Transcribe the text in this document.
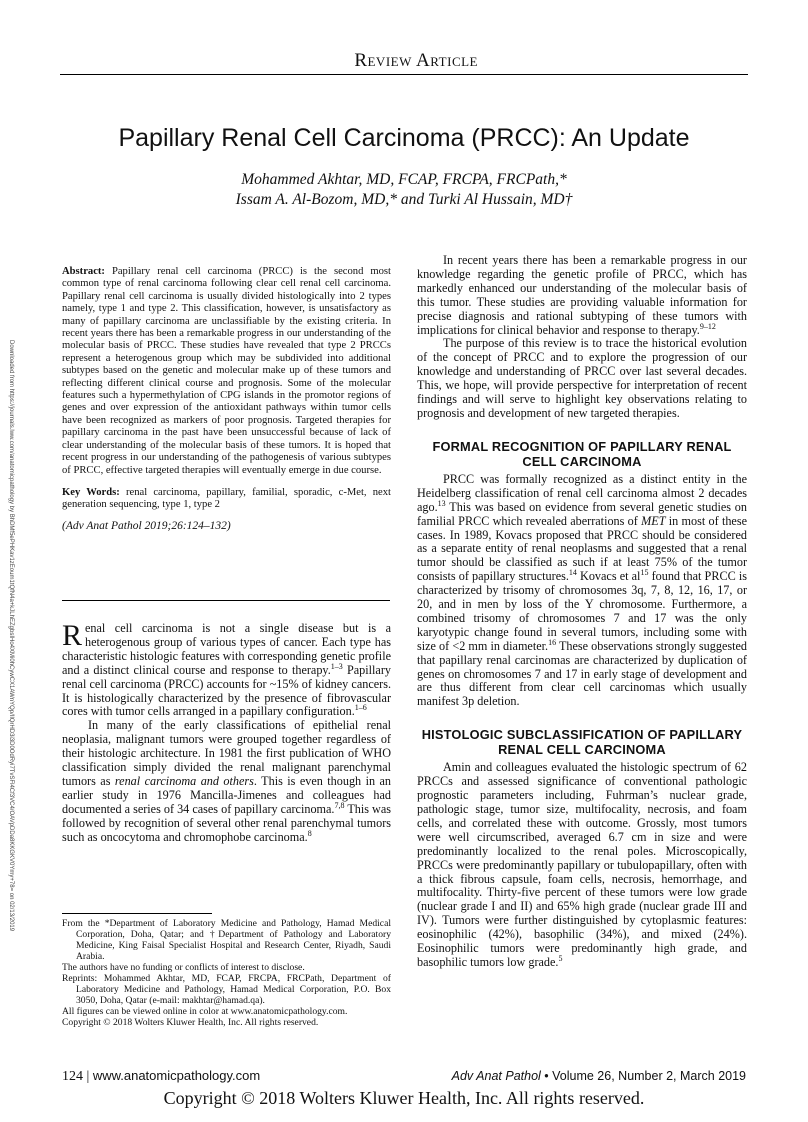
Review Article
Downloaded from https://journals.lww.com/anatomicpathology by BhDMf5ePHKav1zEoum1tQfN4a+kJLhEZgbsIHo4XMi0hCywCX1AWnYQp/IlQrHD3i3D0OdRyi7TvSFl4Cf3VC4/OAVpDDa8KKGKV0Ymy+78= on 02/13/2019
Papillary Renal Cell Carcinoma (PRCC): An Update
Mohammed Akhtar, MD, FCAP, FRCPA, FRCPath,*
Issam A. Al-Bozom, MD,* and Turki Al Hussain, MD†
Abstract: Papillary renal cell carcinoma (PRCC) is the second most common type of renal carcinoma following clear cell renal cell carcinoma. Papillary renal cell carcinoma is usually divided histologically into 2 types namely, type 1 and type 2. This classification, however, is unsatisfactory as many of papillary carcinoma are unclassifiable by the existing criteria. In recent years there has been a remarkable progress in our understanding of the molecular basis of PRCC. These studies have revealed that type 2 PRCCs represent a heterogenous group which may be subdivided into additional subtypes based on the genetic and molecular make up of these tumors and reflecting different clinical course and prognosis. Some of the molecular features such a hypermethylation of CPG islands in the promotor regions of genes and over expression of the antioxidant pathways within tumor cells have been recognized as markers of poor prognosis. Targeted therapies for papillary carcinoma in the past have been unsuccessful because of lack of clear understanding of the molecular basis of these tumors. It is hoped that recent progress in our understanding of the pathogenesis of various subtypes of PRCC, effective targeted therapies will eventually emerge in due course.
Key Words: renal carcinoma, papillary, familial, sporadic, c-Met, next generation sequencing, type 1, type 2
(Adv Anat Pathol 2019;26:124–132)

Renal cell carcinoma is not a single disease but is a heterogenous group of various types of cancer. Each type has characteristic histologic features with corresponding genetic profile and a distinct clinical course and response to therapy.$^{1-3}$ Papillary renal cell carcinoma (PRCC) accounts for ~15% of kidney cancers. It is histologically characterized by the presence of fibrovascular cores with tumor cells arranged in a papillary configuration.$^{1-6}$

In many of the early classifications of epithelial renal neoplasia, malignant tumors were grouped together regardless of their histologic architecture. In 1981 the first publication of WHO classification simply divided the renal malignant parenchymal tumors as renal carcinoma and others. This is even though in an earlier study in 1976 Mancilla-Jimenes and colleagues had documented a series of 34 cases of papillary carcinoma.$^{7,8}$ This was followed by recognition of several other renal parenchymal tumors such as oncocytoma and chromophobe carcinoma.$^8$

From the *Department of Laboratory Medicine and Pathology, Hamad Medical Corporation, Doha, Qatar; and †Department of Pathology and Laboratory Medicine, King Faisal Specialist Hospital and Research Center, Riyadh, Saudi Arabia.

The authors have no funding or conflicts of interest to disclose.

Reprints: Mohammed Akhtar, MD, FCAP, FRCPA, FRCPath, Department of Laboratory Medicine and Pathology, Hamad Medical Corporation, P.O. Box 3050, Doha, Qatar (e-mail: makhtar@hamad.qa).

All figures can be viewed online in color at www.anatomicpathology.com.

Copyright © 2018 Wolters Kluwer Health, Inc. All rights reserved.

In recent years there has been a remarkable progress in our knowledge regarding the genetic profile of PRCC, which has markedly enhanced our understanding of the molecular basis of this tumor. These studies are providing valuable information for precise diagnosis and rational subtyping of these tumors with implications for clinical behavior and response to therapy.$^{9-12}$

The purpose of this review is to trace the historical evolution of the concept of PRCC and to explore the progression of our knowledge and understanding of PRCC over last several decades. This, we hope, will provide perspective for interpretation of recent findings and will serve to highlight key observations relating to prognosis and development of new targeted therapies.

FORMAL RECOGNITION OF PAPILLARY RENAL CELL CARCINOMA

PRCC was formally recognized as a distinct entity in the Heidelberg classification of renal cell carcinoma almost 2 decades ago.$^{13}$ This was based on evidence from several genetic studies on familial PRCC which revealed aberrations of MET in most of these cases. In 1989, Kovacs proposed that PRCC should be considered as a separate entity of renal neoplasms and suggested that a renal tumor should be classified as such if at least 75% of the tumor consists of papillary structures.$^{14}$ Kovacs et $al^{15}$ found that PRCC is characterized by trisomy of chromosomes 3q, 7, 8, 12, 16, 17, or 20, and in men by loss of the Y chromosome. Furthermore, a combined trisomy of chromosomes 7 and 17 was the only karyotypic change found in several tumors, including some with size of <2 mm in diameter.$^{16}$ These observations strongly suggested that papillary renal carcinomas are characterized by duplication of genes on chromosomes 7 and 17 in early stage of development and are thus different from clear cell carcinomas which usually manifest 3p deletion.

HISTOLOGIC SUBCLASSIFICATION OF PAPILLARY RENAL CELL CARCINOMA

Amin and colleagues evaluated the histologic spectrum of 62 PRCCs and assessed significance of conventional pathologic prognostic parameters including, Fuhrman’s nuclear grade, pathologic stage, tumor size, multifocality, necrosis, and foam cells, and correlated these with outcome. Grossly, most tumors were well circumscribed, averaged 6.7 cm in size and were predominantly localized to the renal poles. Microscopically, PRCCs were predominantly papillary or tubulopapillary, often with a thick fibrous capsule, foam cells, necrosis, hemorrhage, and multifocality. Thirty-five percent of these tumors were low grade (nuclear grade I and II) and 65% high grade (nuclear grade III and IV). Tumors were further distinguished by cytoplasmic features: eosinophilic (42%), basophilic (34%), and mixed (24%). Eosinophilic tumors were predominantly high grade, and basophilic tumors low grade.$^5$

124 | www.anatomicpathology.com	Adv Anat Pathol • Volume 26, Number 2, March 2019
Copyright © 2018 Wolters Kluwer Health, Inc. All rights reserved.
